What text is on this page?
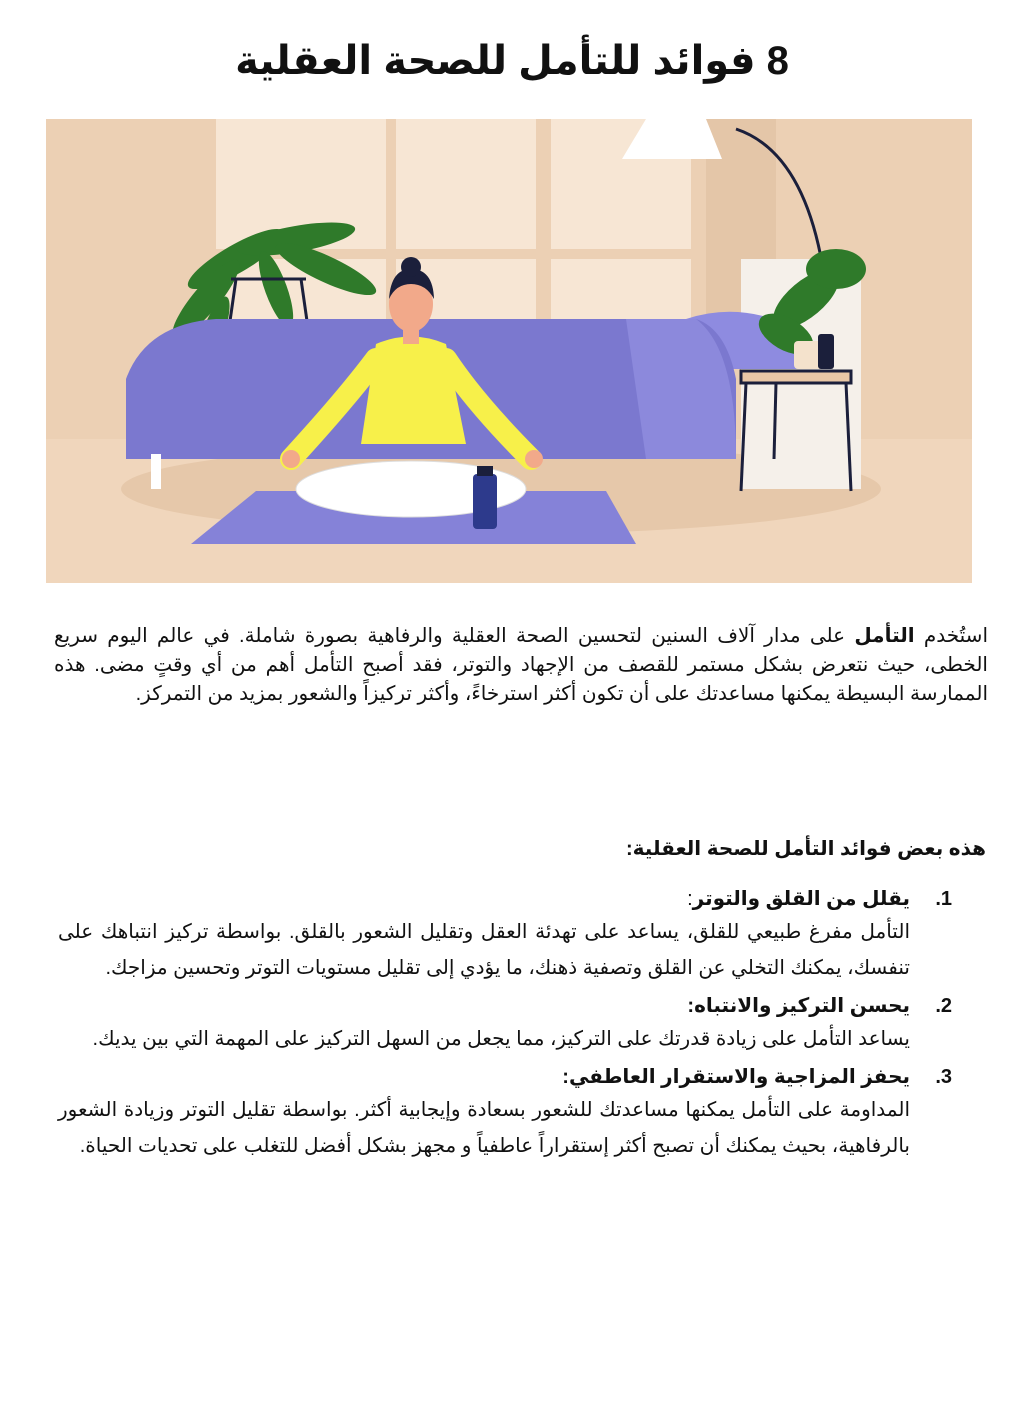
8 فوائد للتأمل للصحة العقلية

استُخدم التأمل على مدار آلاف السنين لتحسين الصحة العقلية والرفاهية بصورة شاملة. في عالم اليوم سريع الخطى، حيث نتعرض بشكل مستمر للقصف من الإجهاد والتوتر، فقد أصبح التأمل أهم من أي وقتٍ مضى. هذه الممارسة البسيطة يمكنها مساعدتك على أن تكون أكثر استرخاءً، وأكثر تركيزاً والشعور بمزيد من التمركز.

هذه بعض فوائد التأمل للصحة العقلية:

1.
يقلل من القلق والتوتر:
التأمل مفرغ طبيعي للقلق، يساعد على تهدئة العقل وتقليل الشعور بالقلق. بواسطة تركيز انتباهك على تنفسك، يمكنك التخلي عن القلق وتصفية ذهنك، ما يؤدي إلى تقليل مستويات التوتر وتحسين مزاجك.
2.
يحسن التركيز والانتباه:
يساعد التأمل على زيادة قدرتك على التركيز، مما يجعل من السهل التركيز على المهمة التي بين يديك.
3.
يحفز المزاجية والاستقرار العاطفي:
المداومة على التأمل يمكنها مساعدتك للشعور بسعادة وإيجابية أكثر. بواسطة تقليل التوتر وزيادة الشعور بالرفاهية، بحيث يمكنك أن تصبح أكثر إستقراراً عاطفياً و مجهز بشكل أفضل للتغلب على تحديات الحياة.
